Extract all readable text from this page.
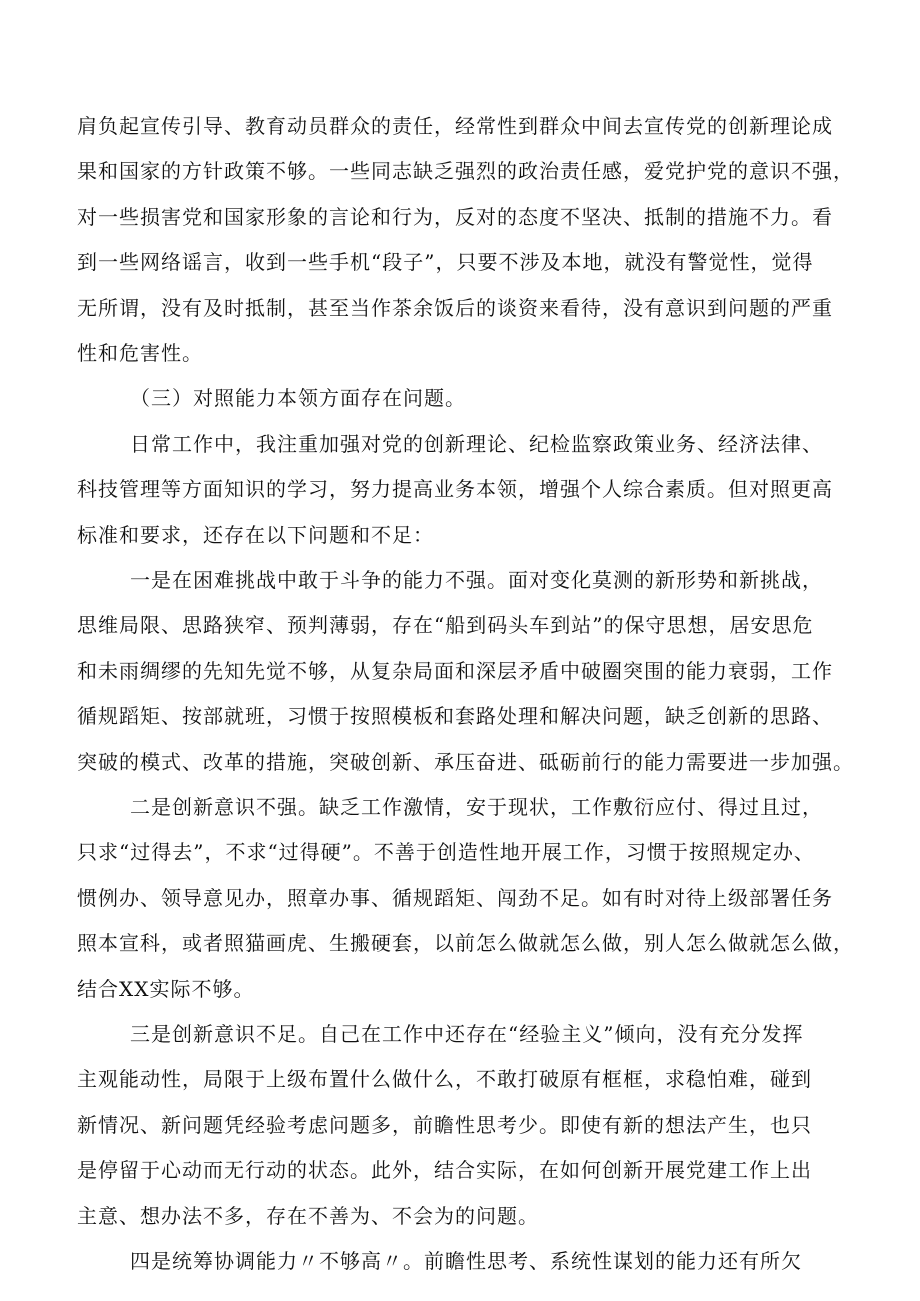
肩负起宣传引导、教育动员群众的责任，经常性到群众中间去宣传党的创新理论成
果和国家的方针政策不够。一些同志缺乏强烈的政治责任感，爱党护党的意识不强，
对一些损害党和国家形象的言论和行为，反对的态度不坚决、抵制的措施不力。看
到一些网络谣言，收到一些手机“段子”，只要不涉及本地，就没有警觉性，觉得
无所谓，没有及时抵制，甚至当作茶余饭后的谈资来看待，没有意识到问题的严重
性和危害性。
（三）对照能力本领方面存在问题。
日常工作中，我注重加强对党的创新理论、纪检监察政策业务、经济法律、
科技管理等方面知识的学习，努力提高业务本领，增强个人综合素质。但对照更高
标准和要求，还存在以下问题和不足：
一是在困难挑战中敢于斗争的能力不强。面对变化莫测的新形势和新挑战，
思维局限、思路狭窄、预判薄弱，存在“船到码头车到站”的保守思想，居安思危
和未雨绸缪的先知先觉不够，从复杂局面和深层矛盾中破圈突围的能力衰弱，工作
循规蹈矩、按部就班，习惯于按照模板和套路处理和解决问题，缺乏创新的思路、
突破的模式、改革的措施，突破创新、承压奋进、砥砺前行的能力需要进一步加强。
二是创新意识不强。缺乏工作激情，安于现状，工作敷衍应付、得过且过，
只求“过得去”，不求“过得硬”。不善于创造性地开展工作，习惯于按照规定办、
惯例办、领导意见办，照章办事、循规蹈矩、闯劲不足。如有时对待上级部署任务
照本宣科，或者照猫画虎、生搬硬套，以前怎么做就怎么做，别人怎么做就怎么做，
结合XX实际不够。
三是创新意识不足。自己在工作中还存在“经验主义”倾向，没有充分发挥
主观能动性，局限于上级布置什么做什么，不敢打破原有框框，求稳怕难，碰到
新情况、新问题凭经验考虑问题多，前瞻性思考少。即使有新的想法产生，也只
是停留于心动而无行动的状态。此外，结合实际，在如何创新开展党建工作上出
主意、想办法不多，存在不善为、不会为的问题。
四是统筹协调能力〃不够高〃。前瞻性思考、系统性谋划的能力还有所欠
